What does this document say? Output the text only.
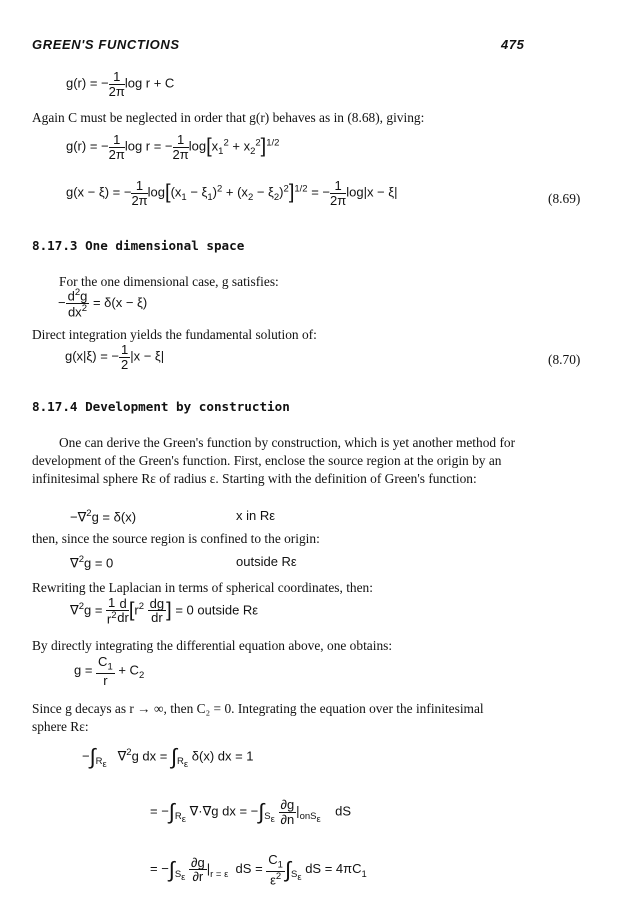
GREEN'S FUNCTIONS	475
g(r) = − $\frac{1}{2\pi}$ log r + C
Again C must be neglected in order that g(r) behaves as in (8.68), giving:
g(r) = − $\frac{1}{2\pi}$ log r = − $\frac{1}{2\pi} \log[x_1^2 + x_2^2]^{1/2}$
g(x − ξ) = − $\frac{1}{2\pi} \log[(x_1 - \xi_1)^2 + (x_2 - \xi_2)^2]^{1/2}$ = − $\frac{1}{2\pi} \log|x - \xi|$	(8.69)
8.17.3 One dimensional space
For the one dimensional case, g satisfies:
− $\frac{d^2g}{dx^2} = \delta(x - \xi)$
Direct integration yields the fundamental solution of:
g(x|ξ) = − $\frac{1}{2} |x - \xi|$	(8.70)
8.17.4 Development by construction
One can derive the Green's function by construction, which is yet another method for
development of the Green's function. First, enclose the source region at the origin by an
infinitesimal sphere Rε of radius ε. Starting with the definition of Green's function:
−∇$^2$g = δ(x)	x in Rε
then, since the source region is confined to the origin:
∇$^2$g = 0	outside Rε
Rewriting the Laplacian in terms of spherical coordinates, then:
$\nabla^2g = \frac{1}{r^2} \frac{d}{dr} [r^2 \frac{dg}{dr}$ ] = 0 outside Rε
By directly integrating the differential equation above, one obtains:
$g = \frac{C_1}{r} + C_2$
Since g decays as r → ∞, then C₂ = 0. Integrating the equation over the infinitesimal
sphere Rε:
$-\int_{R_\varepsilon}$   ∇$^2$g dx = $\int_{R_\varepsilon}$ δ(x) dx = 1
= $-\int_{R_\varepsilon}$ ∇·∇g dx = $-\int_{S_\varepsilon} \frac{\partial g}{\partial n} |_{onS_\varepsilon}$    dS
= $-\int_{S_\varepsilon} \frac{\partial g}{\partial r} |_{r = \varepsilon}$  dS = $\frac{C_1}{\varepsilon^2} \int_{S_\varepsilon}$ dS = $4\pi C_1$
